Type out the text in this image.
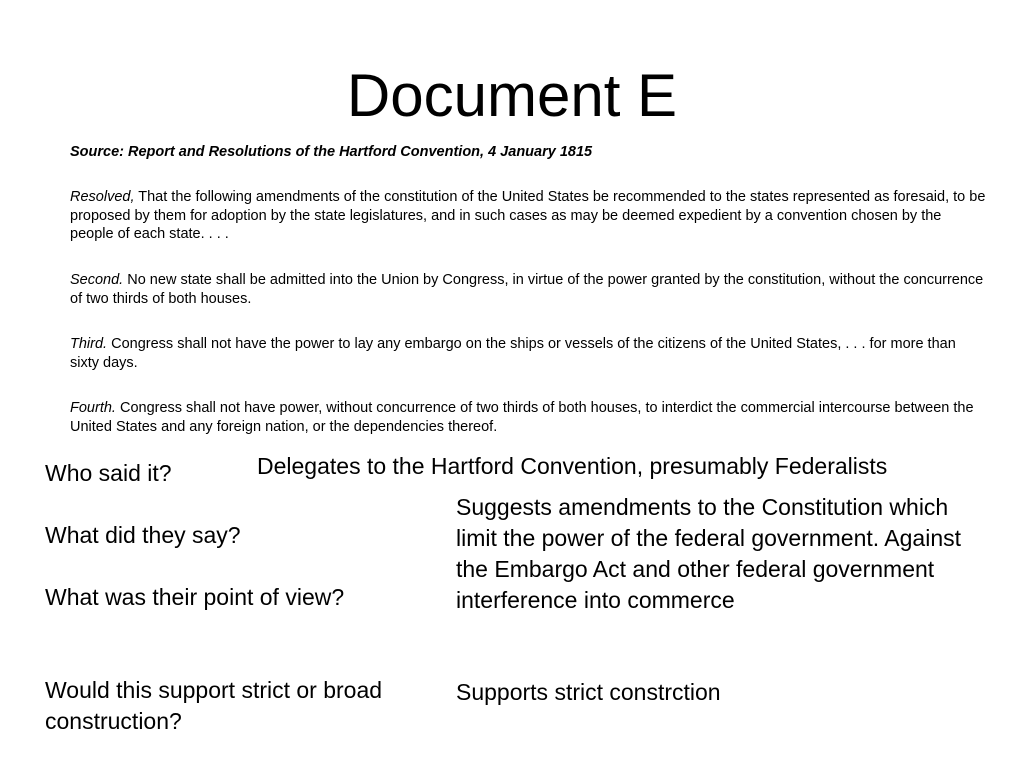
Document E
Source: Report and Resolutions of the Hartford Convention, 4 January 1815
Resolved, That the following amendments of the constitution of the United States be recommended to the states represented as foresaid, to be proposed by them for adoption by the state legislatures, and in such cases as may be deemed expedient by a convention chosen by the people of each state. . . .
Second. No new state shall be admitted into the Union by Congress, in virtue of the power granted by the constitution, without the concurrence of two thirds of both houses.
Third. Congress shall not have the power to lay any embargo on the ships or vessels of the citizens of the United States, . . . for more than sixty days.
Fourth. Congress shall not have power, without concurrence of two thirds of both houses, to interdict the commercial intercourse between the United States and any foreign nation, or the dependencies thereof.
Who said it?
What did they say?
What was their point of view?
Would this support strict or broad construction?
Delegates to the Hartford Convention, presumably Federalists
Suggests amendments to the Constitution which limit the power of the federal government. Against the Embargo Act and other federal government interference into commerce
Supports strict constrction
